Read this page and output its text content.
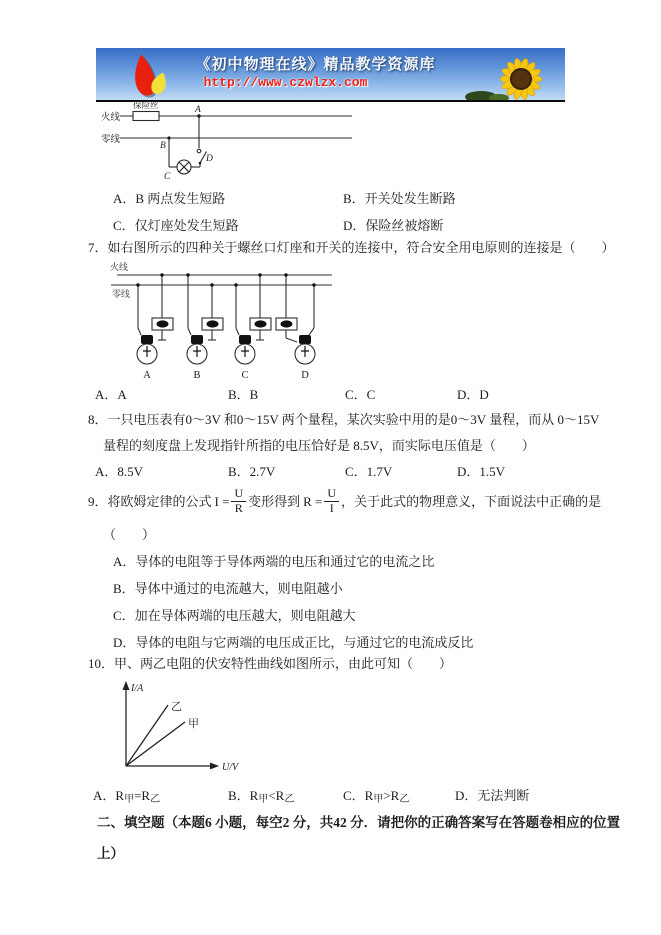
《初中物理在线》精品教学资源库
http://www.czwlzx.com
保险丝
火线
零线
A
B
C
D
A．B 两点发生短路	B．开关处发生断路
C．仅灯座处发生短路	D．保险丝被熔断
7．如右图所示的四种关于螺丝口灯座和开关的连接中，符合安全用电原则的连接是（　　）
火线
零线
A	B	C	D
A．A	B．B	C．C	D．D
8．一只电压表有0～3V 和0～15V 两个量程，某次实验中用的是0～3V 量程，而从 0～15V
量程的刻度盘上发现指针所指的电压恰好是 8.5V，而实际电压值是（　　）
A．8.5V	B．2.7V	C．1.7V	D．1.5V
9．将欧姆定律的公式 $I = \frac{U}{R}$ 变形得到 $R = \frac{U}{I}$ ，关于此式的物理意义，下面说法中正确的是
（　　）
A．导体的电阻等于导体两端的电压和通过它的电流之比
B．导体中通过的电流越大，则电阻越小
C．加在导体两端的电压越大，则电阻越大
D．导体的电阻与它两端的电压成正比，与通过它的电流成反比
10．甲、两乙电阻的伏安特性曲线如图所示，由此可知（　　）
I/A
U/V
乙
甲
A．$R_甲=R_乙$	B．$R_甲<R_乙$	C．$R_甲>R_乙$	D．无法判断
二、填空题（本题6 小题，每空2 分，共42 分．请把你的正确答案写在答题卷相应的位置
上）
